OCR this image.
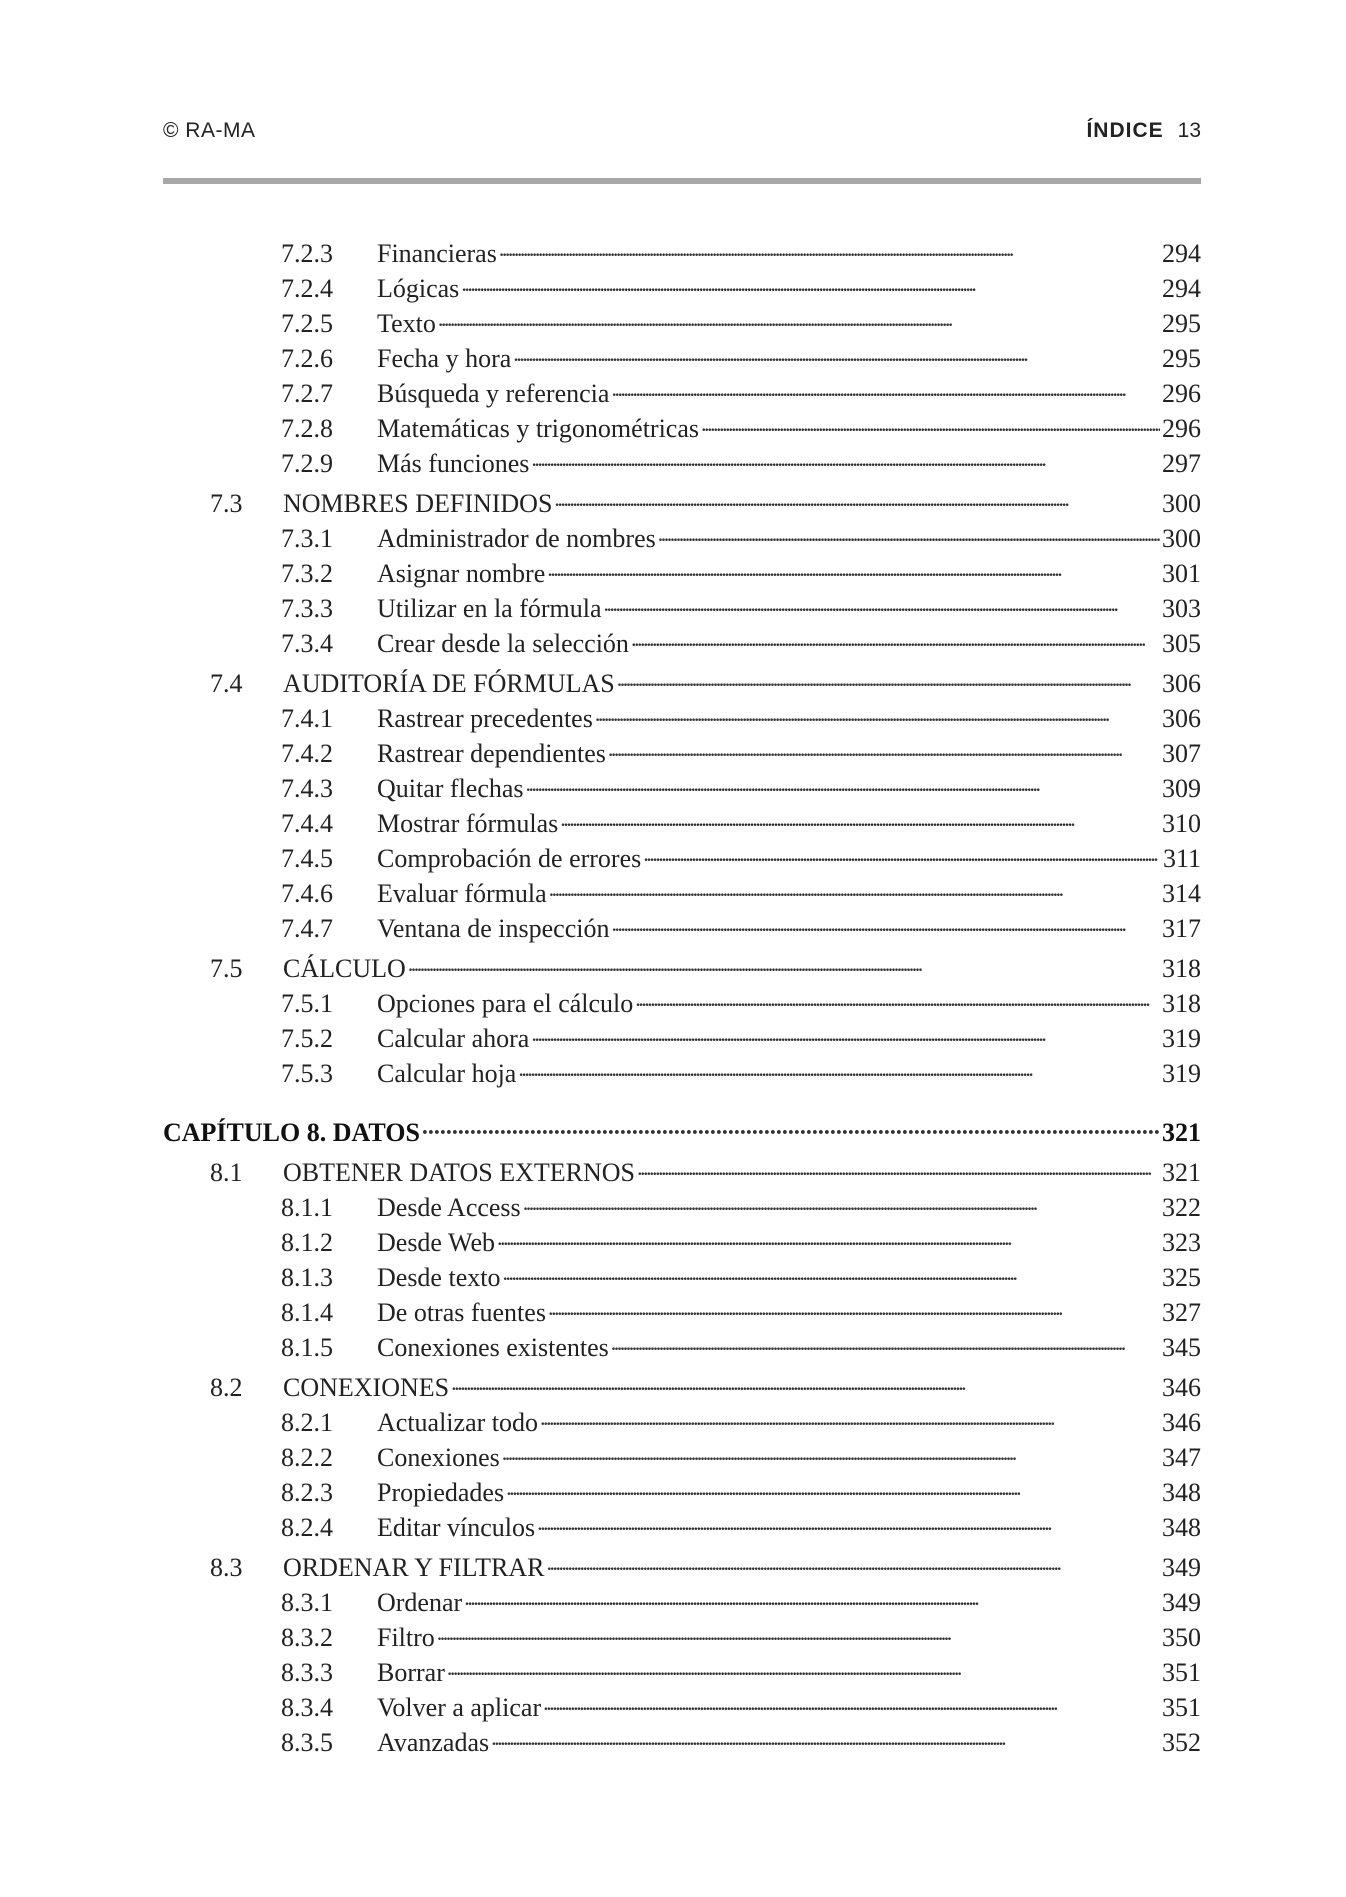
© RA-MA	ÍNDICE 13
7.2.3	Financieras . . .	294
7.2.4	Lógicas . . .	294
7.2.5	Texto . . .	295
7.2.6	Fecha y hora . . .	295
7.2.7	Búsqueda y referencia . . .	296
7.2.8	Matemáticas y trigonométricas . . .	296
7.2.9	Más funciones . . .	297
7.3	NOMBRES DEFINIDOS . . .	300
7.3.1	Administrador de nombres . . .	300
7.3.2	Asignar nombre . . .	301
7.3.3	Utilizar en la fórmula . . .	303
7.3.4	Crear desde la selección . . .	305
7.4	AUDITORÍA DE FÓRMULAS . . .	306
7.4.1	Rastrear precedentes . . .	306
7.4.2	Rastrear dependientes . . .	307
7.4.3	Quitar flechas . . .	309
7.4.4	Mostrar fórmulas . . .	310
7.4.5	Comprobación de errores . . .	311
7.4.6	Evaluar fórmula . . .	314
7.4.7	Ventana de inspección . . .	317
7.5	CÁLCULO . . .	318
7.5.1	Opciones para el cálculo . . .	318
7.5.2	Calcular ahora . . .	319
7.5.3	Calcular hoja . . .	319
CAPÍTULO 8. DATOS . . .	321
8.1	OBTENER DATOS EXTERNOS . . .	321
8.1.1	Desde Access . . .	322
8.1.2	Desde Web . . .	323
8.1.3	Desde texto . . .	325
8.1.4	De otras fuentes . . .	327
8.1.5	Conexiones existentes . . .	345
8.2	CONEXIONES . . .	346
8.2.1	Actualizar todo . . .	346
8.2.2	Conexiones . . .	347
8.2.3	Propiedades . . .	348
8.2.4	Editar vínculos . . .	348
8.3	ORDENAR Y FILTRAR . . .	349
8.3.1	Ordenar . . .	349
8.3.2	Filtro . . .	350
8.3.3	Borrar . . .	351
8.3.4	Volver a aplicar . . .	351
8.3.5	Avanzadas . . .	352
